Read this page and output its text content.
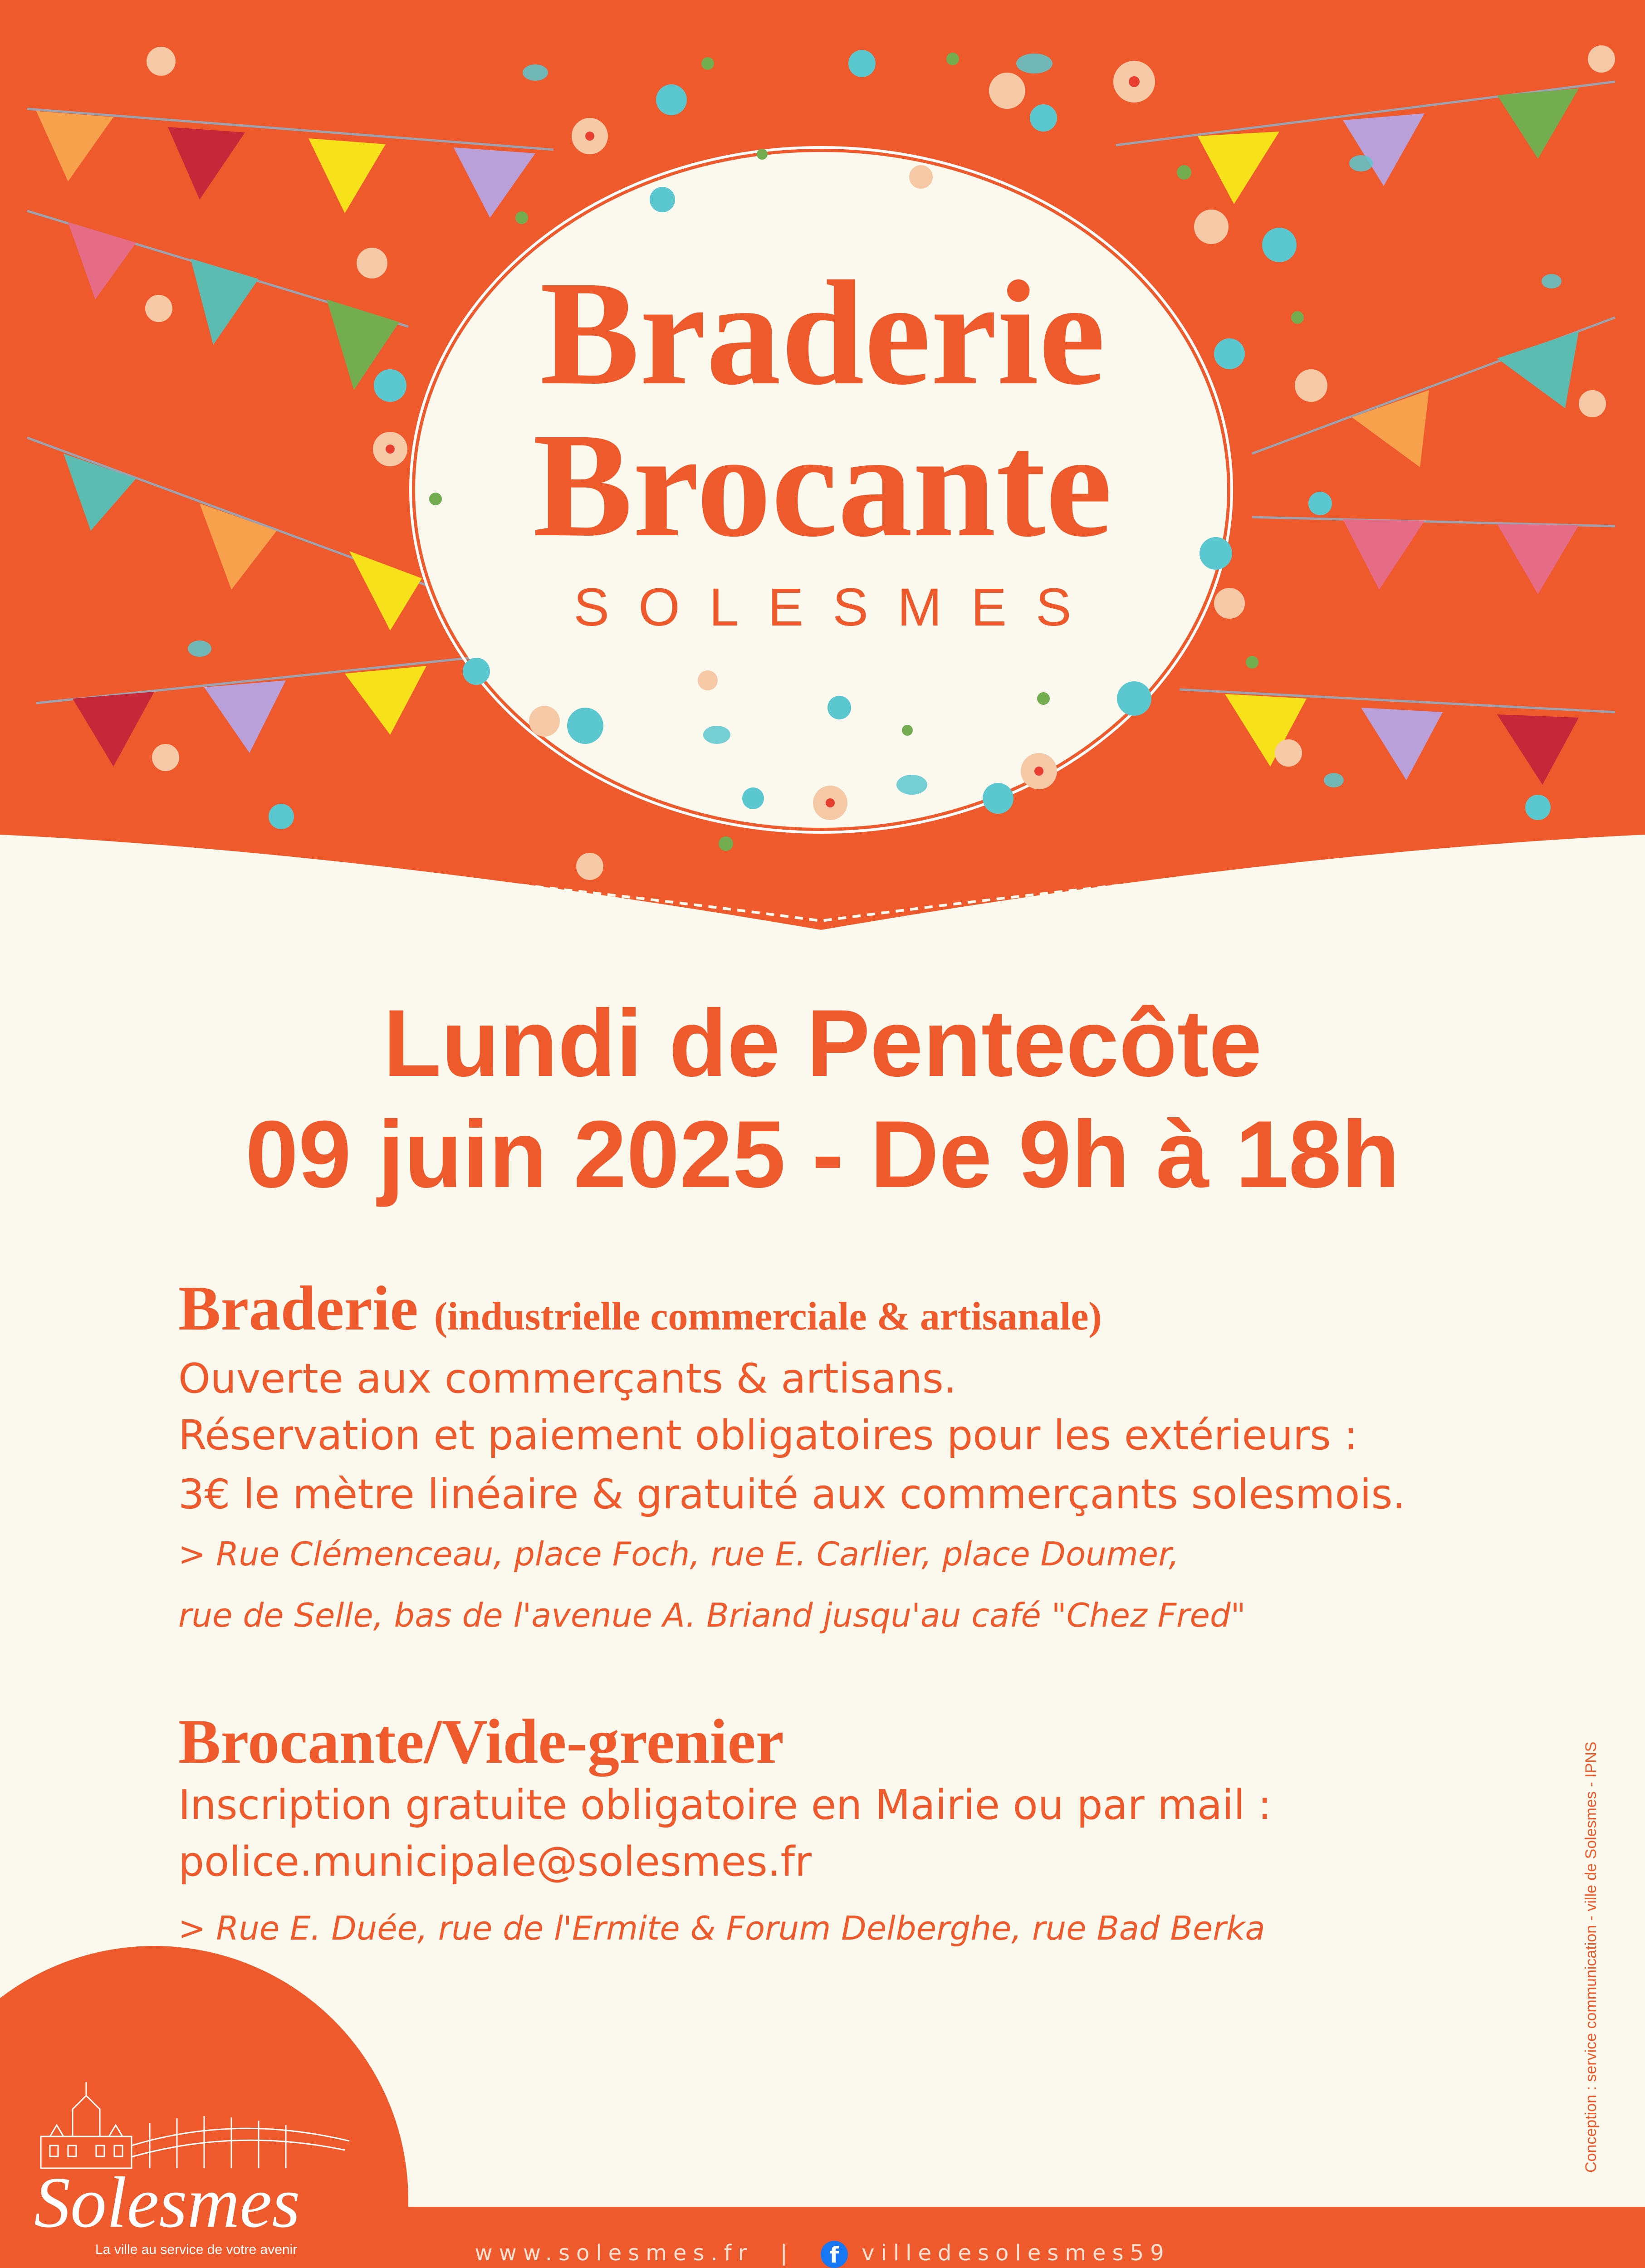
Braderie
Brocante
SOLESMES
Lundi de Pentecôte
09 juin 2025 - De 9h à 18h
Braderie (industrielle commerciale & artisanale)
Ouverte aux commerçants & artisans.
Réservation et paiement obligatoires pour les extérieurs :
3€ le mètre linéaire & gratuité aux commerçants solesmois.
> Rue Clémenceau, place Foch, rue E. Carlier, place Doumer,
rue de Selle, bas de l'avenue A. Briand jusqu'au café "Chez Fred"
Brocante/Vide-grenier
Inscription gratuite obligatoire en Mairie ou par mail :
police.municipale@solesmes.fr
> Rue E. Duée, rue de l'Ermite & Forum Delberghe, rue Bad Berka
www.solesmes.fr | f villedesolesmes59
Solesmes
La ville au service de votre avenir
Conception : service communication - ville de Solesmes - IPNS
